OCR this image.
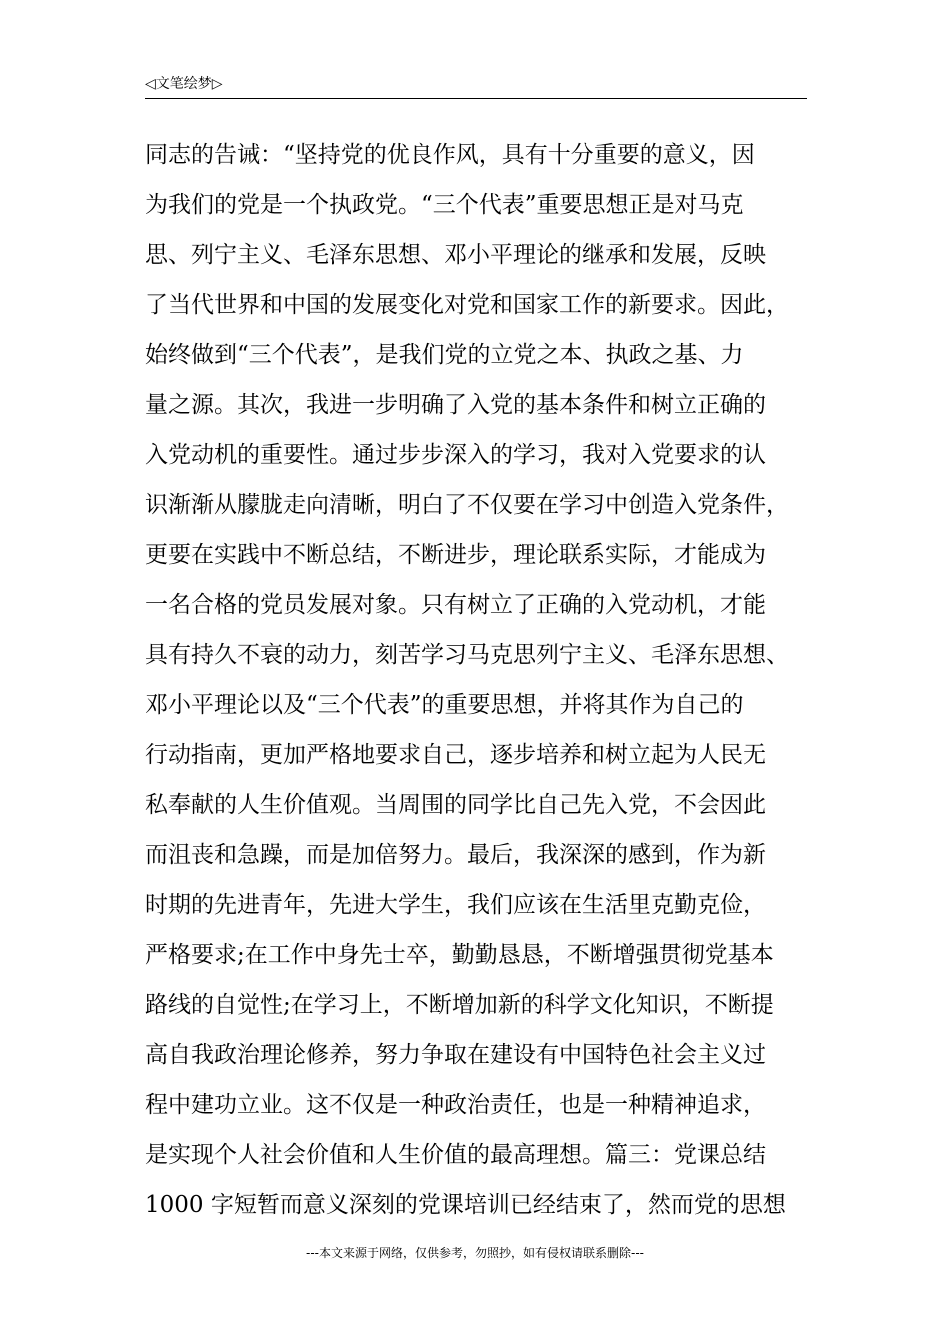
◁文笔绘梦▷
同志的告诫：“坚持党的优良作风，具有十分重要的意义，因
为我们的党是一个执政党。“三个代表”重要思想正是对马克
思、列宁主义、毛泽东思想、邓小平理论的继承和发展，反映
了当代世界和中国的发展变化对党和国家工作的新要求。因此，
始终做到“三个代表”，是我们党的立党之本、执政之基、力
量之源。其次，我进一步明确了入党的基本条件和树立正确的
入党动机的重要性。通过步步深入的学习，我对入党要求的认
识渐渐从朦胧走向清晰，明白了不仅要在学习中创造入党条件，
更要在实践中不断总结，不断进步，理论联系实际，才能成为
一名合格的党员发展对象。只有树立了正确的入党动机，才能
具有持久不衰的动力，刻苦学习马克思列宁主义、毛泽东思想、
邓小平理论以及“三个代表”的重要思想，并将其作为自己的
行动指南，更加严格地要求自己，逐步培养和树立起为人民无
私奉献的人生价值观。当周围的同学比自己先入党，不会因此
而沮丧和急躁，而是加倍努力。最后，我深深的感到，作为新
时期的先进青年，先进大学生，我们应该在生活里克勤克俭，
严格要求;在工作中身先士卒，勤勤恳恳，不断增强贯彻党基本
路线的自觉性;在学习上，不断增加新的科学文化知识，不断提
高自我政治理论修养，努力争取在建设有中国特色社会主义过
程中建功立业。这不仅是一种政治责任，也是一种精神追求，
是实现个人社会价值和人生价值的最高理想。篇三：党课总结
1000 字短暂而意义深刻的党课培训已经结束了，然而党的思想
---本文来源于网络，仅供参考，勿照抄，如有侵权请联系删除---
